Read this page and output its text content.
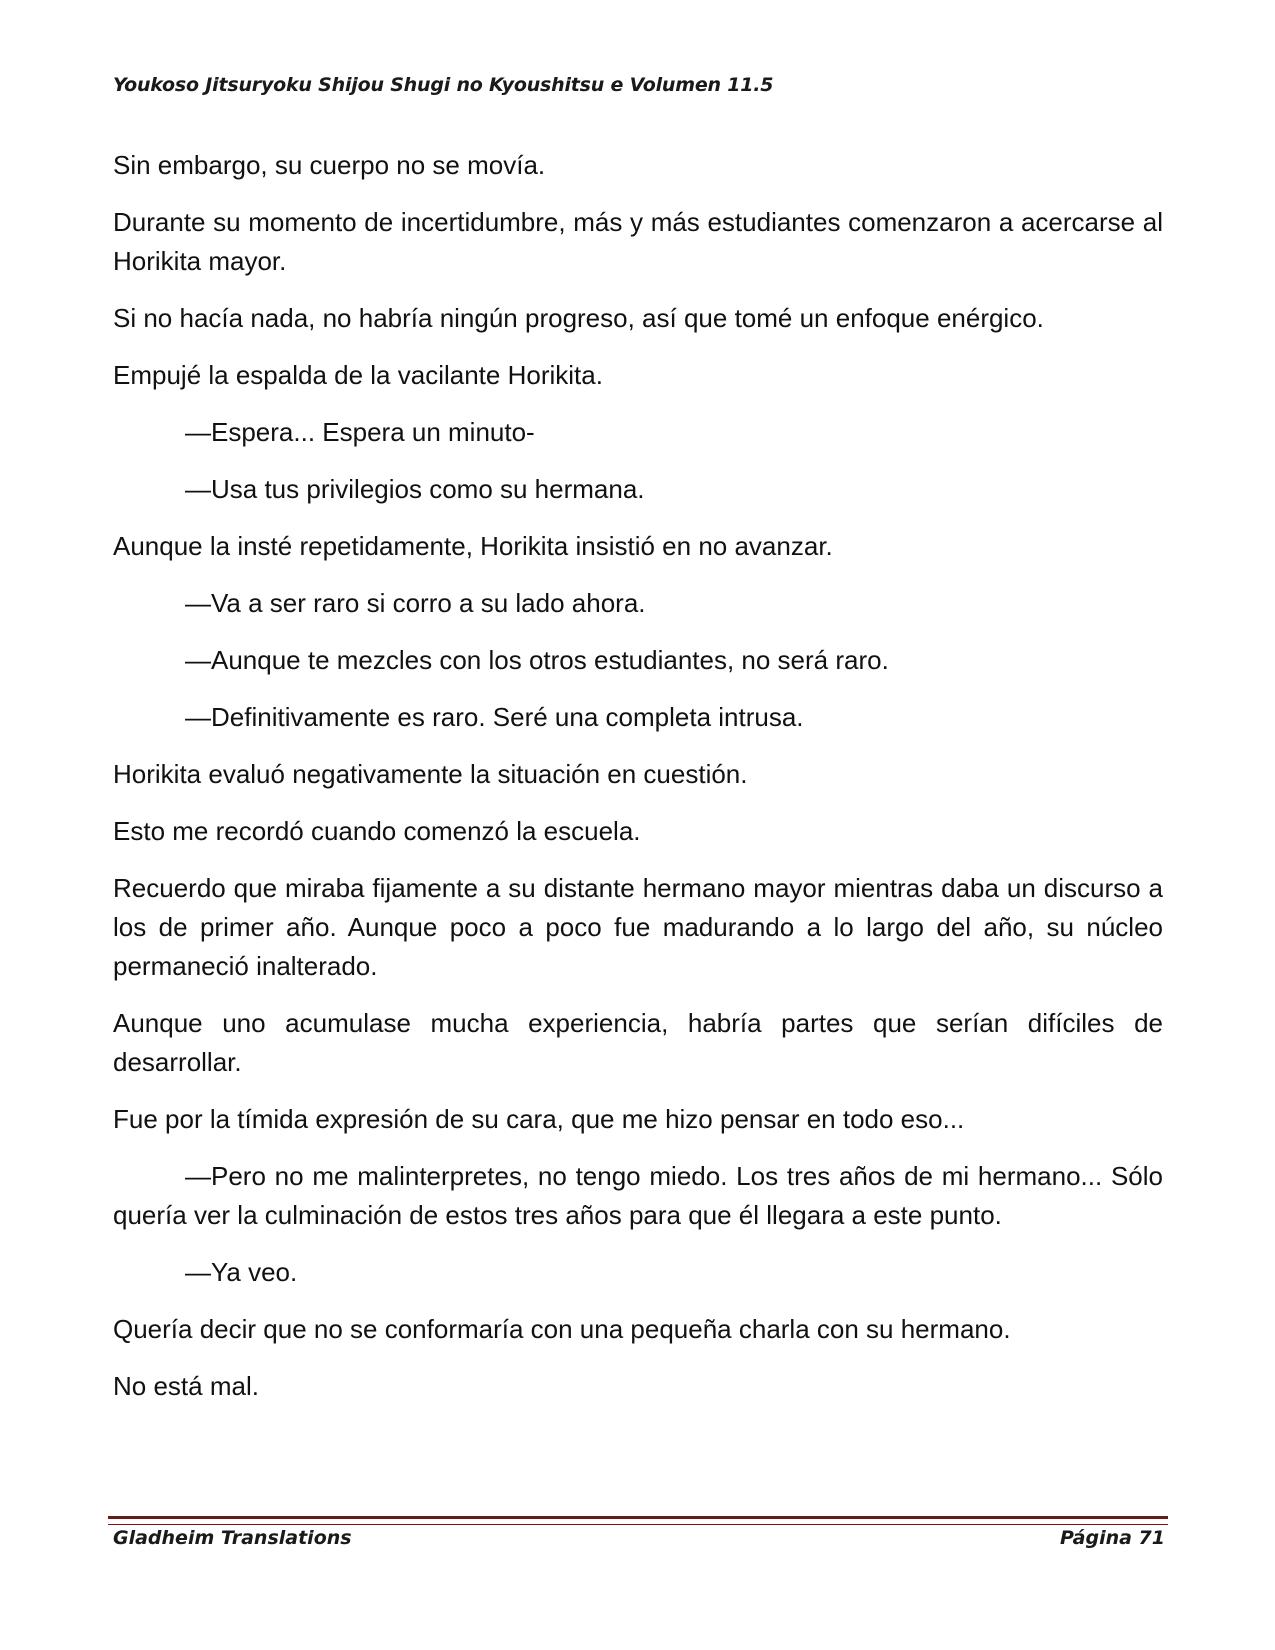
Youkoso Jitsuryoku Shijou Shugi no Kyoushitsu e Volumen 11.5

Sin embargo, su cuerpo no se movía.

Durante su momento de incertidumbre, más y más estudiantes comenzaron a acercarse al Horikita mayor.

Si no hacía nada, no habría ningún progreso, así que tomé un enfoque enérgico.

Empujé la espalda de la vacilante Horikita.

—Espera... Espera un minuto-

—Usa tus privilegios como su hermana.

Aunque la insté repetidamente, Horikita insistió en no avanzar.

—Va a ser raro si corro a su lado ahora.

—Aunque te mezcles con los otros estudiantes, no será raro.

—Definitivamente es raro. Seré una completa intrusa.

Horikita evaluó negativamente la situación en cuestión.

Esto me recordó cuando comenzó la escuela.

Recuerdo que miraba fijamente a su distante hermano mayor mientras daba un discurso a los de primer año. Aunque poco a poco fue madurando a lo largo del año, su núcleo permaneció inalterado.

Aunque uno acumulase mucha experiencia, habría partes que serían difíciles de desarrollar.

Fue por la tímida expresión de su cara, que me hizo pensar en todo eso...

—Pero no me malinterpretes, no tengo miedo. Los tres años de mi hermano... Sólo quería ver la culminación de estos tres años para que él llegara a este punto.

—Ya veo.

Quería decir que no se conformaría con una pequeña charla con su hermano.

No está mal.

Gladheim Translations	Página 71
